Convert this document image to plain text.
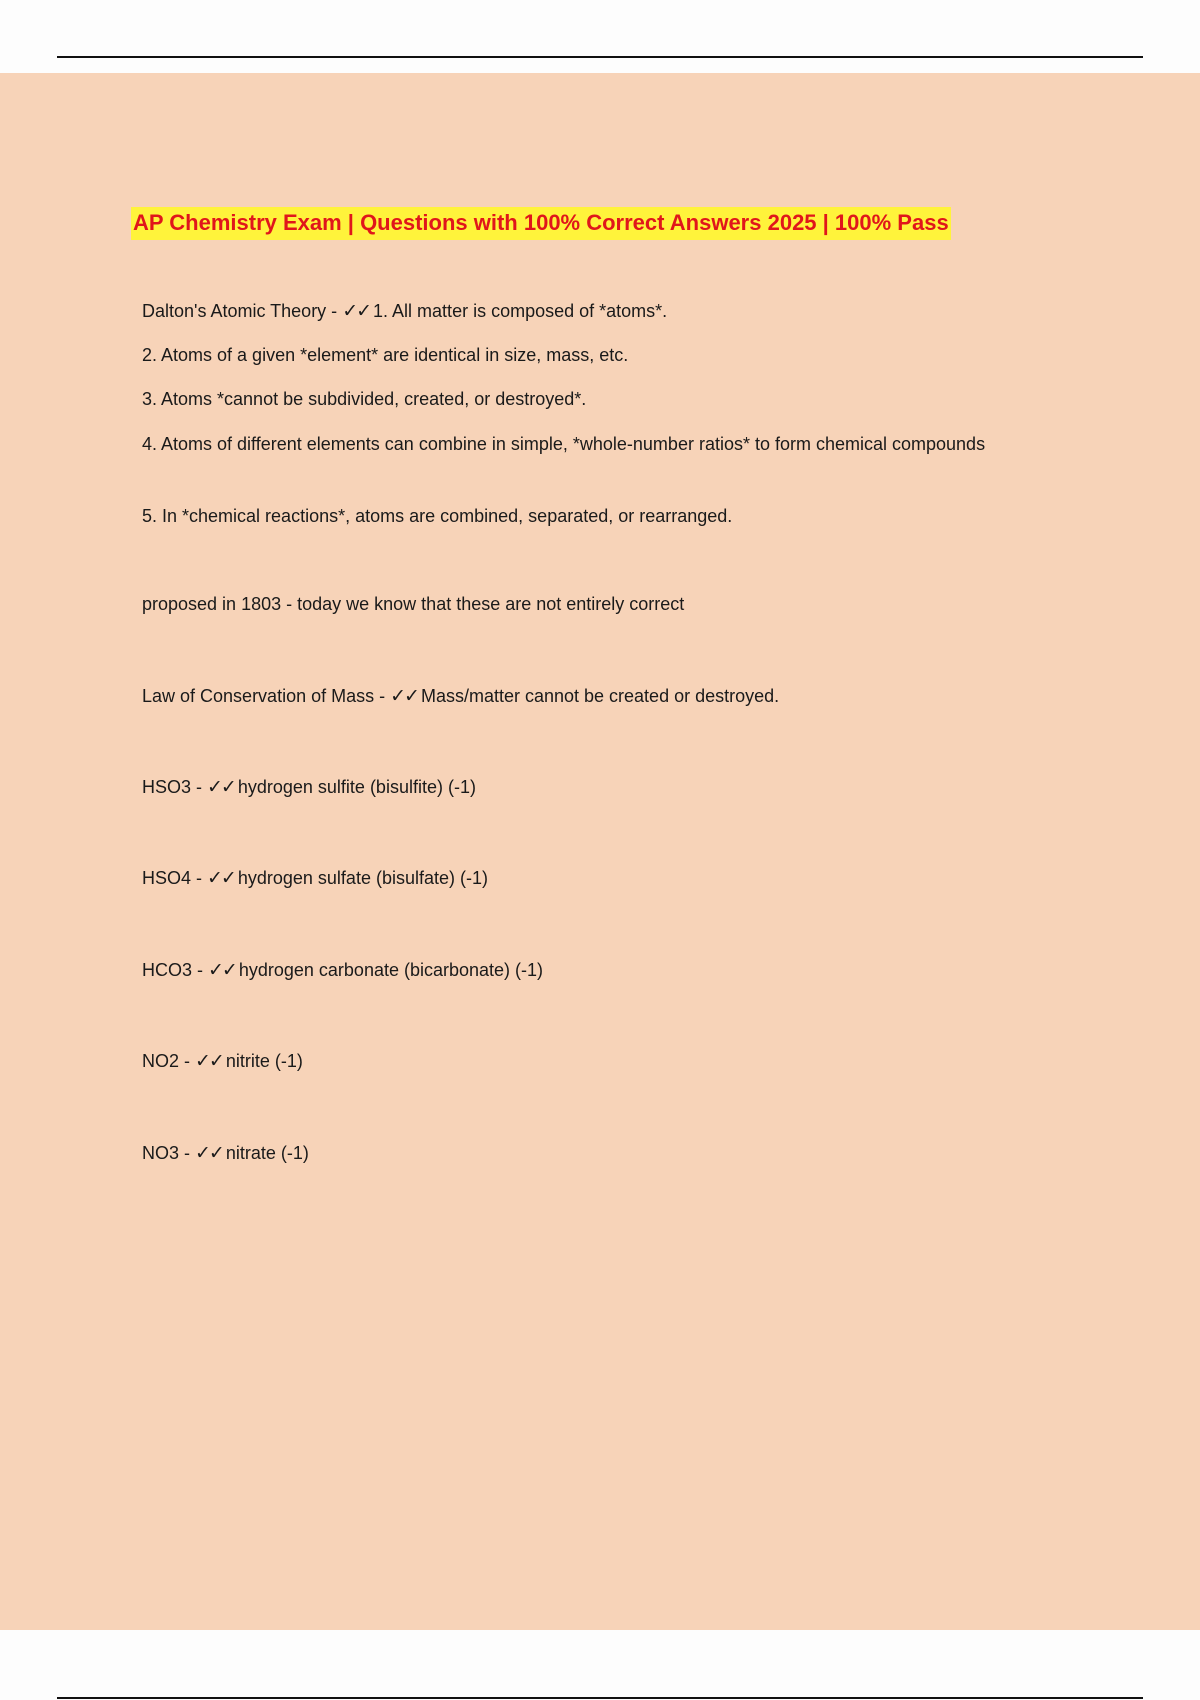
AP Chemistry Exam | Questions with 100% Correct Answers 2025 | 100% Pass

Dalton's Atomic Theory - ✓✓ 1. All matter is composed of *atoms*.

2. Atoms of a given *element* are identical in size, mass, etc.

3. Atoms *cannot be subdivided, created, or destroyed*.

4. Atoms of different elements can combine in simple, *whole-number ratios* to form chemical compounds

5. In *chemical reactions*, atoms are combined, separated, or rearranged.

proposed in 1803 - today we know that these are not entirely correct

Law of Conservation of Mass - ✓✓ Mass/matter cannot be created or destroyed.

HSO3 - ✓✓ hydrogen sulfite (bisulfite) (-1)

HSO4 - ✓✓ hydrogen sulfate (bisulfate) (-1)

HCO3 - ✓✓ hydrogen carbonate (bicarbonate) (-1)

NO2 - ✓✓ nitrite (-1)

NO3 - ✓✓ nitrate (-1)
